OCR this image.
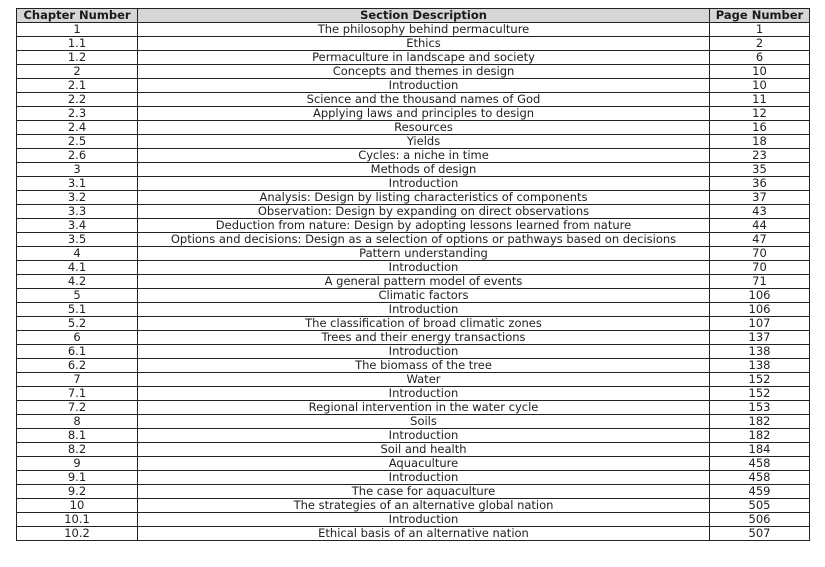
Chapter Number	Section Description	Page Number
1	The philosophy behind permaculture	1
1.1	Ethics	2
1.2	Permaculture in landscape and society	6
2	Concepts and themes in design	10
2.1	Introduction	10
2.2	Science and the thousand names of God	11
2.3	Applying laws and principles to design	12
2.4	Resources	16
2.5	Yields	18
2.6	Cycles: a niche in time	23
3	Methods of design	35
3.1	Introduction	36
3.2	Analysis: Design by listing characteristics of components	37
3.3	Observation: Design by expanding on direct observations	43
3.4	Deduction from nature: Design by adopting lessons learned from nature	44
3.5	Options and decisions: Design as a selection of options or pathways based on decisions	47
4	Pattern understanding	70
4.1	Introduction	70
4.2	A general pattern model of events	71
5	Climatic factors	106
5.1	Introduction	106
5.2	The classification of broad climatic zones	107
6	Trees and their energy transactions	137
6.1	Introduction	138
6.2	The biomass of the tree	138
7	Water	152
7.1	Introduction	152
7.2	Regional intervention in the water cycle	153
8	Soils	182
8.1	Introduction	182
8.2	Soil and health	184
9	Aquaculture	458
9.1	Introduction	458
9.2	The case for aquaculture	459
10	The strategies of an alternative global nation	505
10.1	Introduction	506
10.2	Ethical basis of an alternative nation	507
